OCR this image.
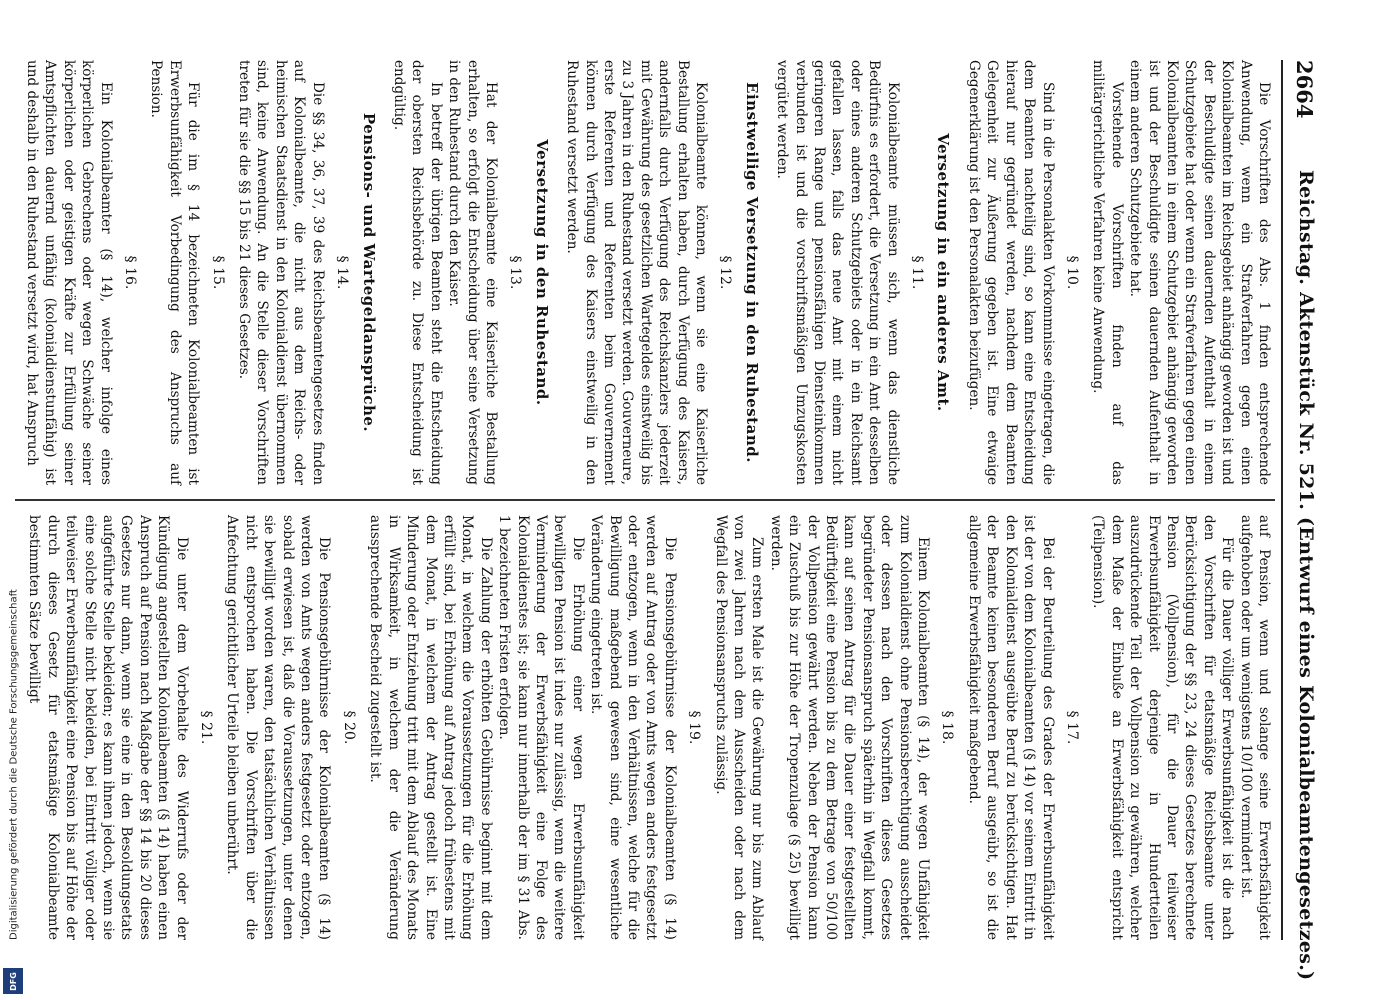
2664
Reichstag. Aktenstück Nr. 521. (Entwurf eines Kolonialbeamtengesetzes.)

Die Vorschriften des Abs. 1 finden entsprechende Anwendung, wenn ein Strafverfahren gegen einen Kolonialbeamten im Reichsgebiet anhängig geworden ist und der Beschuldigte seinen dauernden Aufenthalt in einem Schutzgebiete hat oder wenn ein Strafverfahren gegen einen Kolonialbeamten in einem Schutzgebiet anhängig geworden ist und der Beschuldigte seinen dauernden Aufenthalt in einem anderen Schutzgebiete hat.

Vorstehende Vorschriften finden auf das militärgerichtliche Verfahren keine Anwendung.

§ 10.

Sind in die Personalakten Vorkommnisse eingetragen, die dem Beamten nachteilig sind, so kann eine Entscheidung hierauf nur gegründet werden, nachdem dem Beamten Gelegenheit zur Äußerung gegeben ist. Eine etwaige Gegenerklärung ist den Personalakten beizufügen.

Versetzung in ein anderes Amt.

§ 11.

Kolonialbeamte müssen sich, wenn das dienstliche Bedürfnis es erfordert, die Versetzung in ein Amt desselben oder eines anderen Schutzgebiets oder in ein Reichsamt gefallen lassen, falls das neue Amt mit einem nicht geringeren Range und pensionsfähigen Diensteinkommen verbunden ist und die vorschriftsmäßigen Umzugskosten vergütet werden.

Einstweilige Versetzung in den Ruhestand.

§ 12.

Kolonialbeamte können, wenn sie eine Kaiserliche Bestallung erhalten haben, durch Verfügung des Kaisers, andernfalls durch Verfügung des Reichskanzlers jederzeit mit Gewährung des gesetzlichen Wartegeldes einstweilig bis zu 3 Jahren in den Ruhestand versetzt werden. Gouverneure, erste Referenten und Referenten beim Gouvernement können durch Verfügung des Kaisers einstweilig in den Ruhestand versetzt werden.

Versetzung in den Ruhestand.

§ 13.

Hat der Kolonialbeamte eine Kaiserliche Bestallung erhalten, so erfolgt die Entscheidung über seine Versetzung in den Ruhestand durch den Kaiser.

In betreff der übrigen Beamten steht die Entscheidung der obersten Reichsbehörde zu. Diese Entscheidung ist endgültig.

Pensions- und Wartegeldansprüche.

§ 14.

Die §§ 34, 36, 37, 39 des Reichsbeamtengesetzes finden auf Kolonialbeamte, die nicht aus dem Reichs- oder heimischen Staatsdienst in den Kolonialdienst übernommen sind, keine Anwendung. An die Stelle dieser Vorschriften treten für sie die §§ 15 bis 21 dieses Gesetzes.

§ 15.

Für die im § 14 bezeichneten Kolonialbeamten ist Erwerbsunfähigkeit Vorbedingung des Anspruchs auf Pension.

§ 16.

Ein Kolonialbeamter (§ 14), welcher infolge eines körperlichen Gebrechens oder wegen Schwäche seiner körperlichen oder geistigen Kräfte zur Erfüllung seiner Amtspflichten dauernd unfähig (kolonialdienstunfähig) ist und deshalb in den Ruhestand versetzt wird, hat Anspruch

auf Pension, wenn und solange seine Erwerbsfähigkeit aufgehoben oder um wenigstens 10/100 vermindert ist.

Für die Dauer völliger Erwerbsunfähigkeit ist die nach den Vorschriften für etatsmäßige Reichsbeamte unter Berücksichtigung der §§ 23, 24 dieses Gesetzes berechnete Pension (Vollpension), für die Dauer teilweiser Erwerbsunfähigkeit derjenige in Hundertteilen auszudrückende Teil der Vollpension zu gewähren, welcher dem Maße der Einbuße an Erwerbsfähigkeit entspricht (Teilpension).

§ 17.

Bei der Beurteilung des Grades der Erwerbsunfähigkeit ist der von dem Kolonialbeamten (§ 14) vor seinem Eintritt in den Kolonialdienst ausgeübte Beruf zu berücksichtigen. Hat der Beamte keinen besonderen Beruf ausgeübt, so ist die allgemeine Erwerbsfähigkeit maßgebend.

§ 18.

Einem Kolonialbeamten (§ 14), der wegen Unfähigkeit zum Kolonialdienst ohne Pensionsberechtigung ausscheidet oder dessen nach den Vorschriften dieses Gesetzes begründeter Pensionsanspruch späterhin in Wegfall kommt, kann auf seinen Antrag für die Dauer einer festgestellten Bedürftigkeit eine Pension bis zu dem Betrage von 50/100 der Vollpension gewährt werden. Neben der Pension kann ein Zuschuß bis zur Höhe der Tropenzulage (§ 25) bewilligt werden.

Zum ersten Male ist die Gewährung nur bis zum Ablauf von zwei Jahren nach dem Ausscheiden oder nach dem Wegfall des Pensionsanspruchs zulässig.

§ 19.

Die Pensionsgebührnisse der Kolonialbeamten (§ 14) werden auf Antrag oder von Amts wegen anders festgesetzt oder entzogen, wenn in den Verhältnissen, welche für die Bewilligung maßgebend gewesen sind, eine wesentliche Veränderung eingetreten ist.

Die Erhöhung einer wegen Erwerbsunfähigkeit bewilligten Pension ist indes nur zulässig, wenn die weitere Verminderung der Erwerbsfähigkeit eine Folge des Kolonialdienstes ist; sie kann nur innerhalb der im § 31 Abs. 1 bezeichneten Fristen erfolgen.

Die Zahlung der erhöhten Gebührnisse beginnt mit dem Monat, in welchem die Voraussetzungen für die Erhöhung erfüllt sind, bei Erhöhung auf Antrag jedoch frühestens mit dem Monat, in welchem der Antrag gestellt ist. Eine Minderung oder Entziehung tritt mit dem Ablauf des Monats in Wirksamkeit, in welchem der die Veränderung aussprechende Bescheid zugestellt ist.

§ 20.

Die Pensionsgebührnisse der Kolonialbeamten (§ 14) werden von Amts wegen anders festgesetzt oder entzogen, sobald erwiesen ist, daß die Voraussetzungen, unter denen sie bewilligt worden waren, den tatsächlichen Verhältnissen nicht entsprochen haben. Die Vorschriften über die Anfechtung gerichtlicher Urteile bleiben unberührt.

§ 21.

Die unter dem Vorbehalte des Widerrufs oder der Kündigung angestellten Kolonialbeamten (§ 14) haben einen Anspruch auf Pension nach Maßgabe der §§ 14 bis 20 dieses Gesetzes nur dann, wenn sie eine in den Besoldungsetats aufgeführte Stelle bekleiden; es kann ihnen jedoch, wenn sie eine solche Stelle nicht bekleiden, bei Eintritt völliger oder teilweiser Erwerbsunfähigkeit eine Pension bis auf Höhe der durch dieses Gesetz für etatsmäßige Kolonialbeamte bestimmten Sätze bewilligt

Digitalisierung gefördert durch die Deutsche Forschungsgemeinschaft
DFG
